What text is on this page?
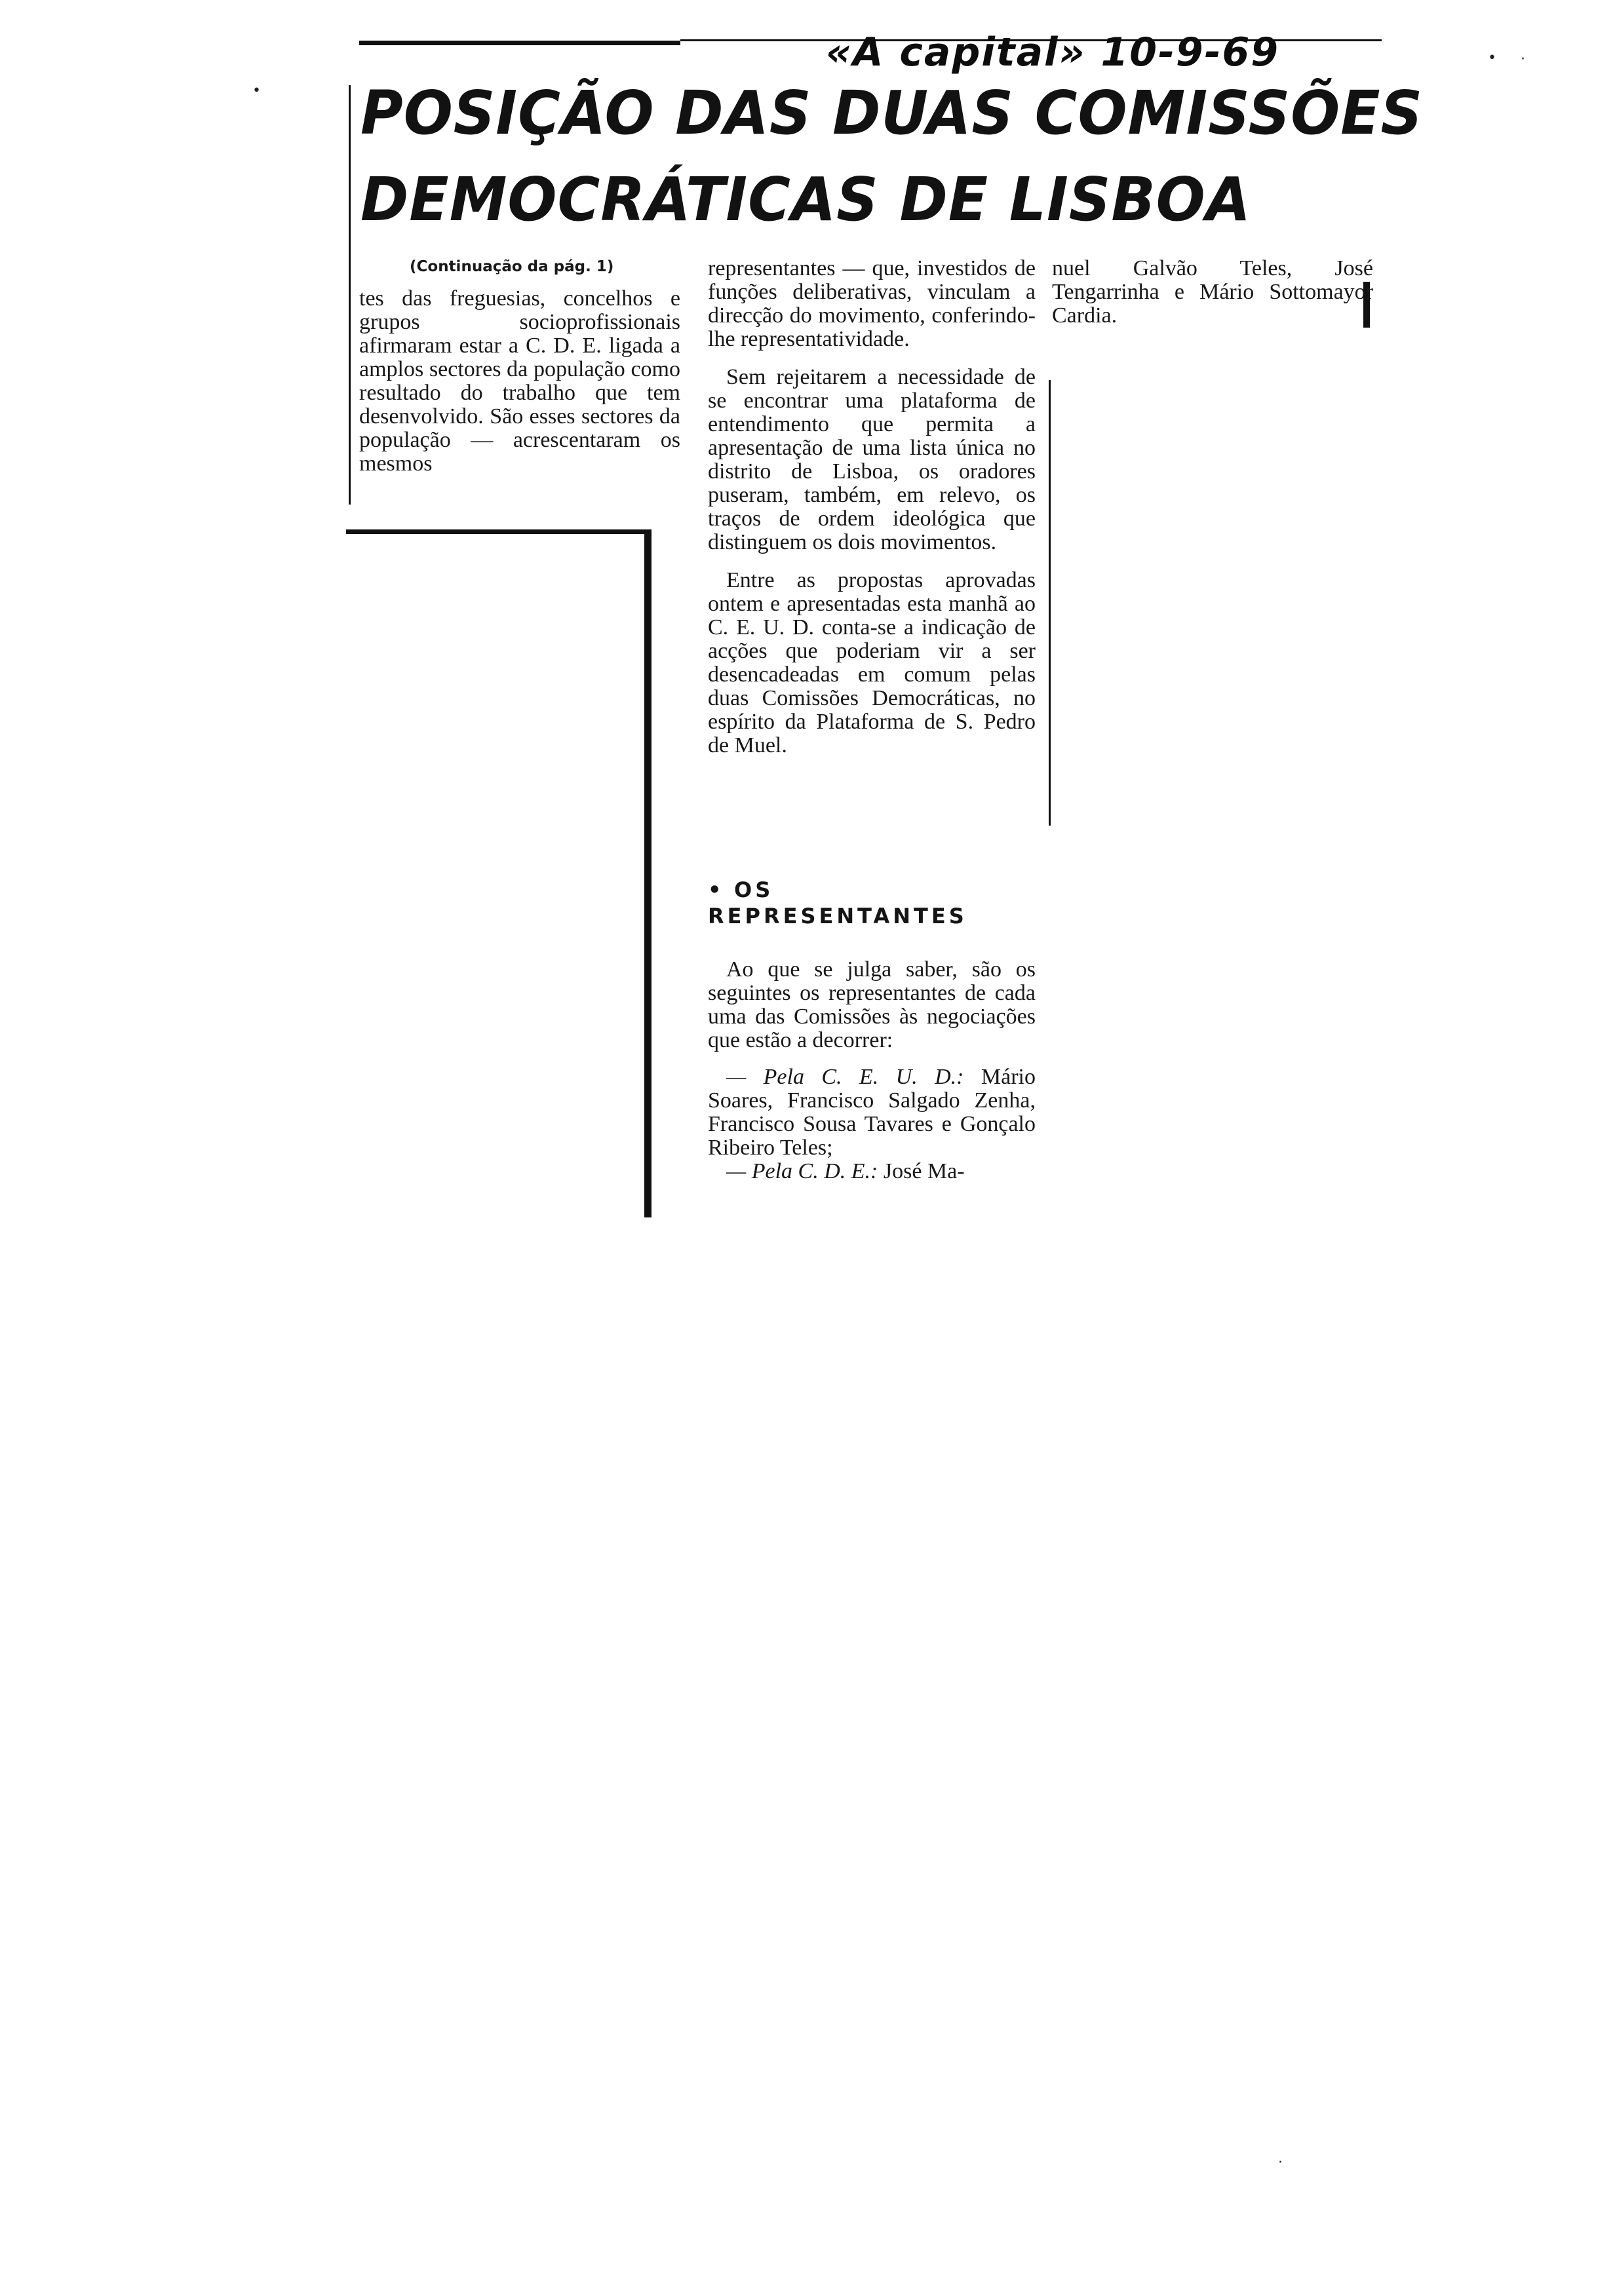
«A capital» 10-9-69
POSIÇÃO DAS DUAS COMISSÕES
DEMOCRÁTICAS DE LISBOA
(Continuação da pág. 1)

tes das freguesias, concelhos e grupos socioprofissionais afirmaram estar a C. D. E. ligada a amplos sectores da população como resultado do trabalho que tem desenvolvido. São esses sectores da população — acrescentaram os mesmos

representantes — que, investidos de funções deliberativas, vinculam a direcção do movimento, conferindo-lhe representatividade.

Sem rejeitarem a necessidade de se encontrar uma plataforma de entendimento que permita a apresentação de uma lista única no distrito de Lisboa, os oradores puseram, também, em relevo, os traços de ordem ideológica que distinguem os dois movimentos.

Entre as propostas aprovadas ontem e apresentadas esta manhã ao C. E. U. D. conta-se a indicação de acções que poderiam vir a ser desencadeadas em comum pelas duas Comissões Democráticas, no espírito da Plataforma de S. Pedro de Muel.

• OS REPRESENTANTES

Ao que se julga saber, são os seguintes os representantes de cada uma das Comissões às negociações que estão a decorrer:

— Pela C. E. U. D.: Mário Soares, Francisco Salgado Zenha, Francisco Sousa Tavares e Gonçalo Ribeiro Teles;

— Pela C. D. E.: José Ma-

nuel Galvão Teles, José Tengarrinha e Mário Sottomayor Cardia.

•
• ·
·
